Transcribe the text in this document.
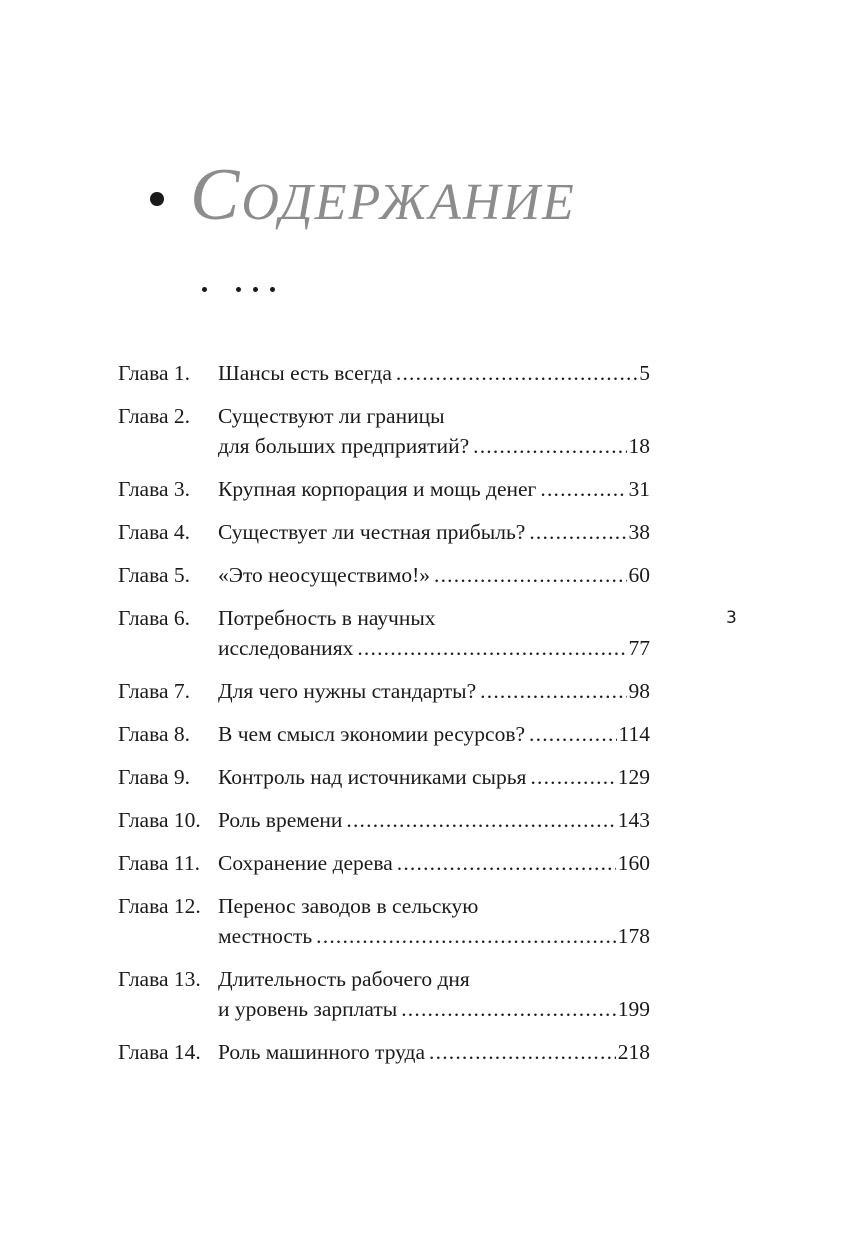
Содержание
Глава 1.	Шансы есть всегда .....	5
Глава 2.	Существуют ли границы
для больших предприятий? .....	18
Глава 3.	Крупная корпорация и мощь денег .....	31
Глава 4.	Существует ли честная прибыль? .....	38
Глава 5.	«Это неосуществимо!» .....	60
Глава 6.	Потребность в научных
исследованиях .....	77
Глава 7.	Для чего нужны стандарты? .....	98
Глава 8.	В чем смысл экономии ресурсов? .....	114
Глава 9.	Контроль над источниками сырья .....	129
Глава 10. Роль времени .....	143
Глава 11. Сохранение дерева .....	160
Глава 12. Перенос заводов в сельскую
местность .....	178
Глава 13. Длительность рабочего дня
и уровень зарплаты .....	199
Глава 14. Роль машинного труда .....	218
3
